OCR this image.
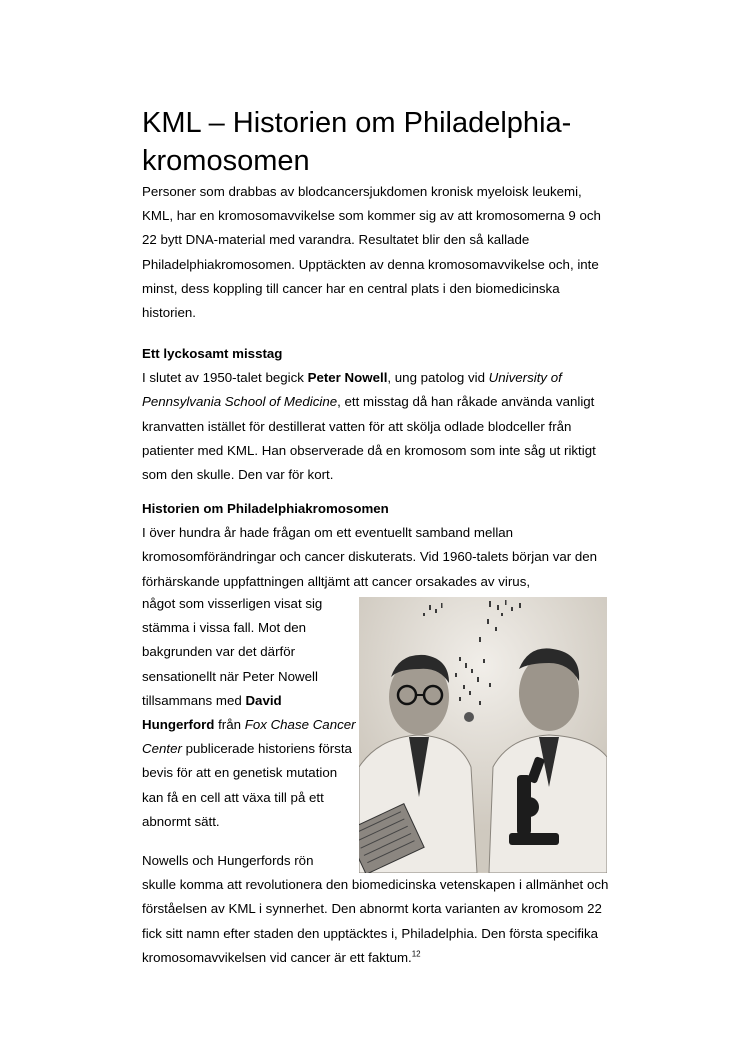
KML – Historien om Philadelphia-kromosomen

Personer som drabbas av blodcancersjukdomen kronisk myeloisk leukemi, KML, har en kromosomavvikelse som kommer sig av att kromosomerna 9 och 22 bytt DNA-material med varandra. Resultatet blir den så kallade Philadelphiakromosomen. Upptäckten av denna kromosomavvikelse och, inte minst, dess koppling till cancer har en central plats i den biomedicinska historien.

Ett lyckosamt misstag
I slutet av 1950-talet begick Peter Nowell, ung patolog vid University of Pennsylvania School of Medicine, ett misstag då han råkade använda vanligt kranvatten istället för destillerat vatten för att skölja odlade blodceller från patienter med KML. Han observerade då en kromosom som inte såg ut riktigt som den skulle. Den var för kort.
Historien om Philadelphiakromosomen
I över hundra år hade frågan om ett eventuellt samband mellan kromosomförändringar och cancer diskuterats. Vid 1960-talets början var den förhärskande uppfattningen alltjämt att cancer orsakades av virus,
något som visserligen visat sig stämma i vissa fall. Mot den bakgrunden var det därför sensationellt när Peter Nowell tillsammans med David Hungerford från Fox Chase Cancer Center publicerade historiens första bevis för att en genetisk mutation kan få en cell att växa till på ett abnormt sätt.
Nowells och Hungerfords rön
skulle komma att revolutionera den biomedicinska vetenskapen i allmänhet och förståelsen av KML i synnerhet. Den abnormt korta varianten av kromosom 22 fick sitt namn efter staden den upptäcktes i, Philadelphia. Den första specifika kromosomavvikelsen vid cancer är ett faktum.$^{12}$
